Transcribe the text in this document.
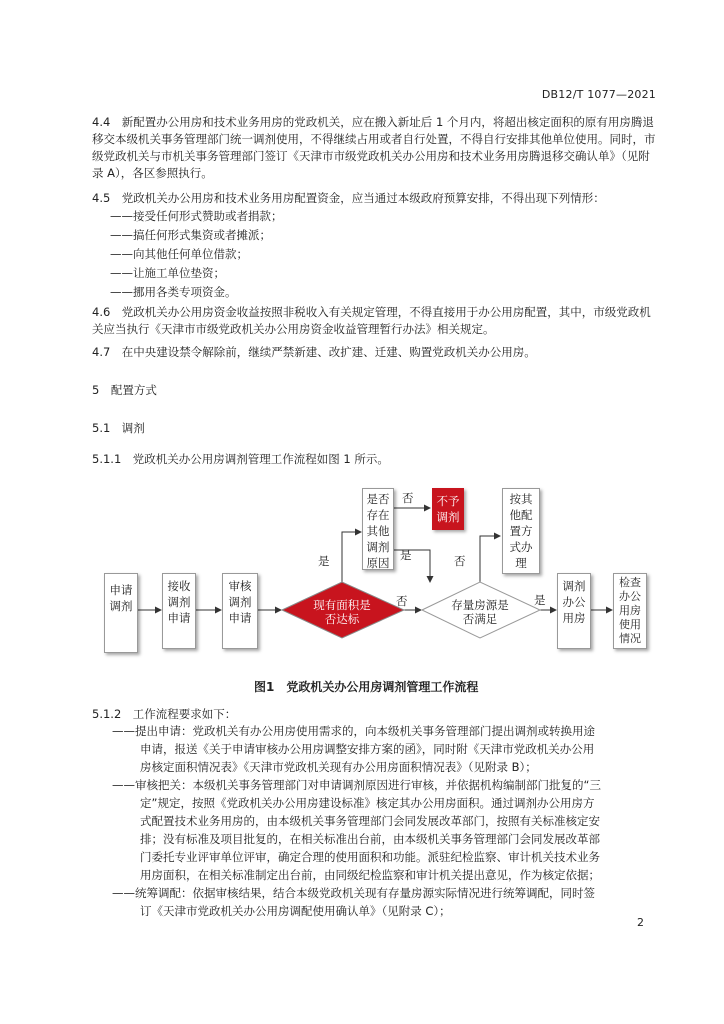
DB12/T 1077—2021

4.4　新配置办公用房和技术业务用房的党政机关，应在搬入新址后 1 个月内，将超出核定面积的原有用房腾退移交本级机关事务管理部门统一调剂使用，不得继续占用或者自行处置，不得自行安排其他单位使用。同时，市级党政机关与市机关事务管理部门签订《天津市市级党政机关办公用房和技术业务用房腾退移交确认单》（见附录 A），各区参照执行。

4.5　党政机关办公用房和技术业务用房配置资金，应当通过本级政府预算安排，不得出现下列情形：

——接受任何形式赞助或者捐款；
——搞任何形式集资或者摊派；
——向其他任何单位借款；
——让施工单位垫资；
——挪用各类专项资金。

4.6　党政机关办公用房资金收益按照非税收入有关规定管理，不得直接用于办公用房配置，其中，市级党政机关应当执行《天津市市级党政机关办公用房资金收益管理暂行办法》相关规定。

4.7　在中央建设禁令解除前，继续严禁新建、改扩建、迁建、购置党政机关办公用房。

5　配置方式
5.1　调剂
5.1.1　党政机关办公用房调剂管理工作流程如图 1 所示。
申请调剂
接收调剂申请
审核调剂申请
现有面积是否达标
是否存在其他调剂原因
不予调剂
按其他配置方式办理
存量房源是否满足
调剂办公用房
检查办公用房使用情况
是
否
是
否
否
是
图1　党政机关办公用房调剂管理工作流程
5.1.2　工作流程要求如下：

——提出申请：党政机关有办公用房使用需求的，向本级机关事务管理部门提出调剂或转换用途

申请，报送《关于申请审核办公用房调整安排方案的函》，同时附《天津市党政机关办公用

房核定面积情况表》《天津市党政机关现有办公用房面积情况表》（见附录 B）；

——审核把关：本级机关事务管理部门对申请调剂原因进行审核，并依据机构编制部门批复的“三

定”规定，按照《党政机关办公用房建设标准》核定其办公用房面积。通过调剂办公用房方

式配置技术业务用房的，由本级机关事务管理部门会同发展改革部门，按照有关标准核定安

排；没有标准及项目批复的，在相关标准出台前，由本级机关事务管理部门会同发展改革部

门委托专业评审单位评审，确定合理的使用面积和功能。派驻纪检监察、审计机关技术业务

用房面积，在相关标准制定出台前，由同级纪检监察和审计机关提出意见，作为核定依据；

——统筹调配：依据审核结果，结合本级党政机关现有存量房源实际情况进行统筹调配，同时签

订《天津市党政机关办公用房调配使用确认单》（见附录 C）；

2
